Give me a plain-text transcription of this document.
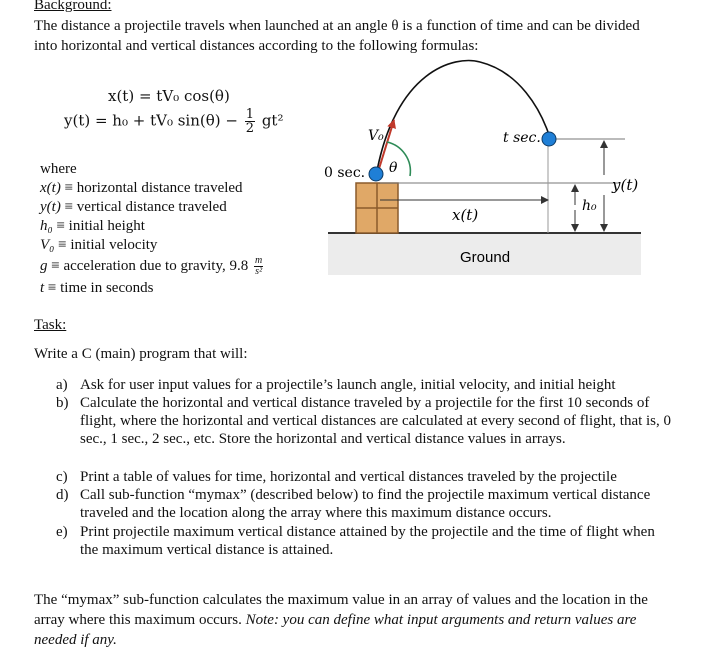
Background:
The distance a projectile travels when launched at an angle θ is a function of time and can be divided into horizontal and vertical distances according to the following formulas:
x(t) = tV₀ cos(θ)
y(t) = h₀ + tV₀ $\sin(\theta) - \frac{1}{2} gt^2$
where
x(t) ≡ horizontal distance traveled
y(t) ≡ vertical distance traveled
h₀ ≡ initial height
V₀ ≡ initial velocity
g ≡ acceleration due to gravity, $9.8 \frac{m}{\text{s²}}$
t ≡ time in seconds
0 sec.
t sec.
V₀
θ
x(t)
y(t)
h₀
Ground
Task:
Write a C (main) program that will:
a) Ask for user input values for a projectile’s launch angle, initial velocity, and initial height
b) Calculate the horizontal and vertical distance traveled by a projectile for the first 10 seconds of flight, where the horizontal and vertical distances are calculated at every second of flight, that is, 0 sec., 1 sec., 2 sec., etc. Store the horizontal and vertical distance values in arrays.
c) Print a table of values for time, horizontal and vertical distances traveled by the projectile
d) Call sub-function “mymax” (described below) to find the projectile maximum vertical distance traveled and the location along the array where this maximum distance occurs.
e) Print projectile maximum vertical distance attained by the projectile and the time of flight when the maximum vertical distance is attained.
The “mymax” sub-function calculates the maximum value in an array of values and the location in the array where this maximum occurs. Note: you can define what input arguments and return values are needed if any.
